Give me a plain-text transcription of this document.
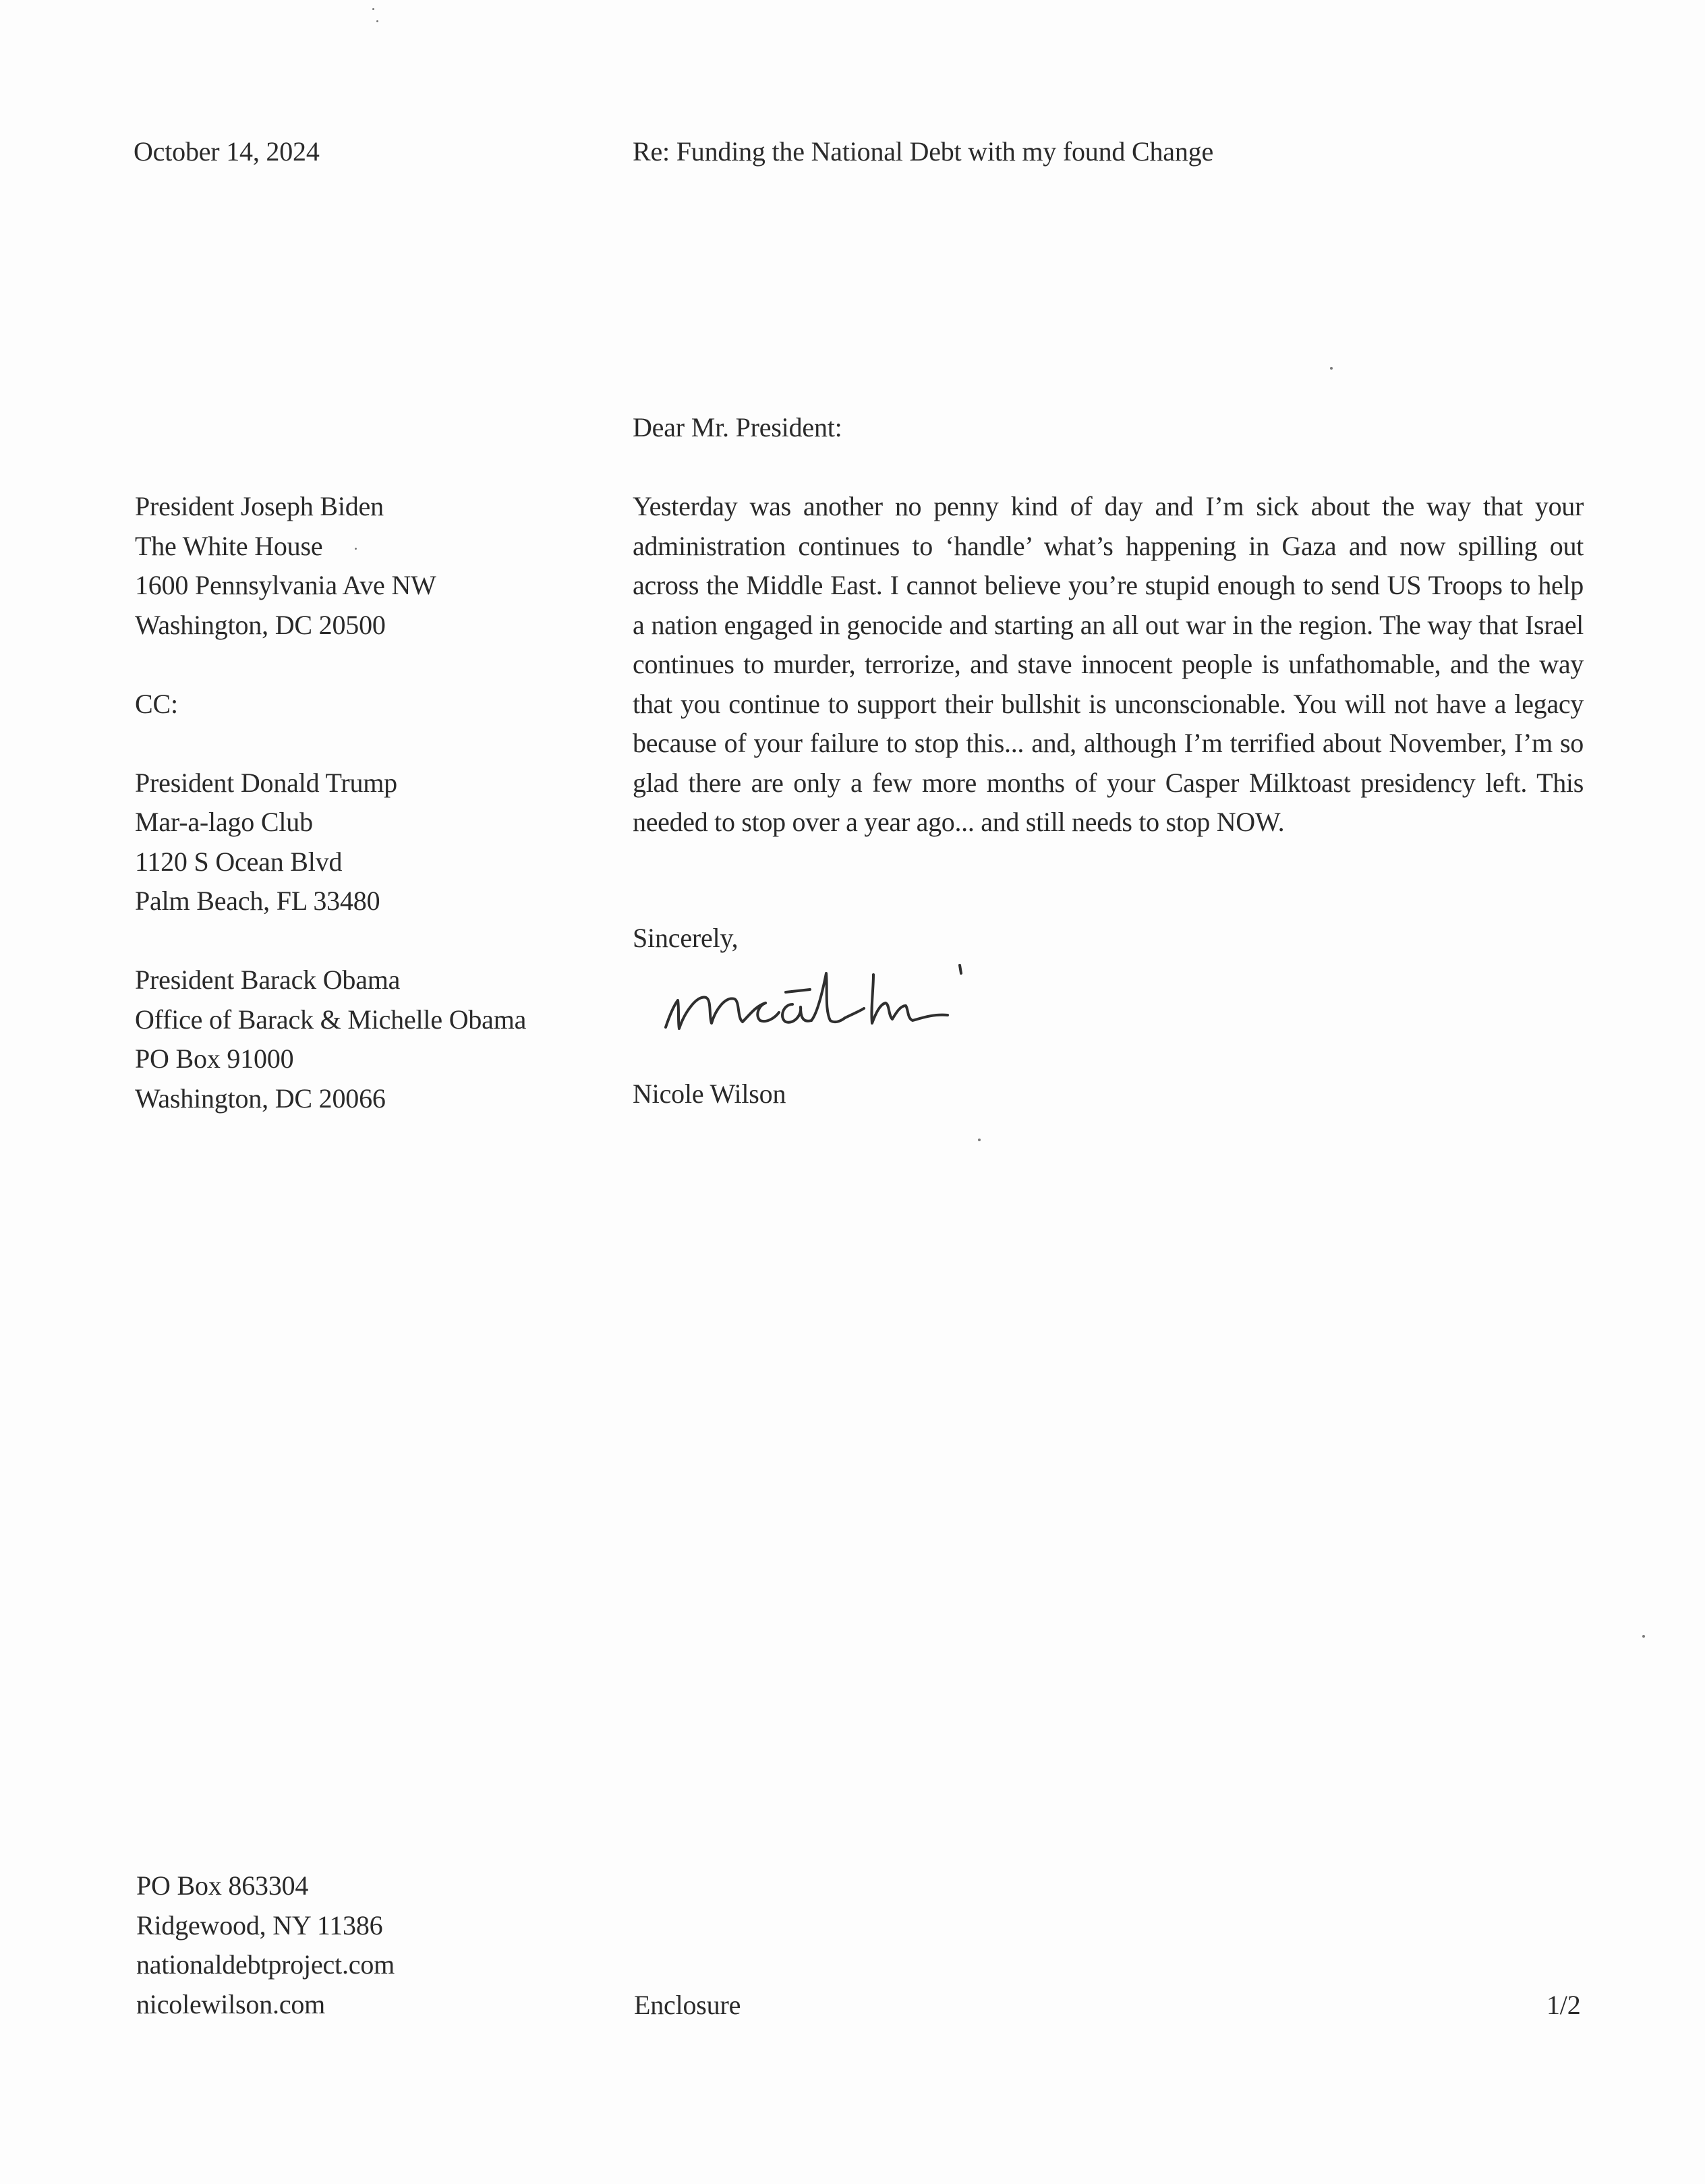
October 14, 2024	Re: Funding the National Debt with my found Change
Dear Mr. President:
President Joseph Biden
The White House
1600 Pennsylvania Ave NW
Washington, DC 20500
CC:
President Donald Trump
Mar-a-lago Club
1120 S Ocean Blvd
Palm Beach, FL 33480
President Barack Obama
Office of Barack & Michelle Obama
PO Box 91000
Washington, DC 20066
Yesterday was another no penny kind of day and I’m sick about the way that your administration continues to ‘handle’ what’s happening in Gaza and now spilling out across the Middle East. I cannot believe you’re stupid enough to send US Troops to help a nation engaged in genocide and starting an all out war in the region. The way that Israel continues to murder, terrorize, and stave innocent people is unfathomable, and the way that you continue to support their bullshit is unconscionable. You will not have a legacy because of your failure to stop this... and, although I’m terrified about November, I’m so glad there are only a few more months of your Casper Milktoast presidency left. This needed to stop over a year ago... and still needs to stop NOW.
Sincerely,
Nicole Wilson
PO Box 863304
Ridgewood, NY 11386
nationaldebtproject.com
nicolewilson.com	Enclosure	1/2
